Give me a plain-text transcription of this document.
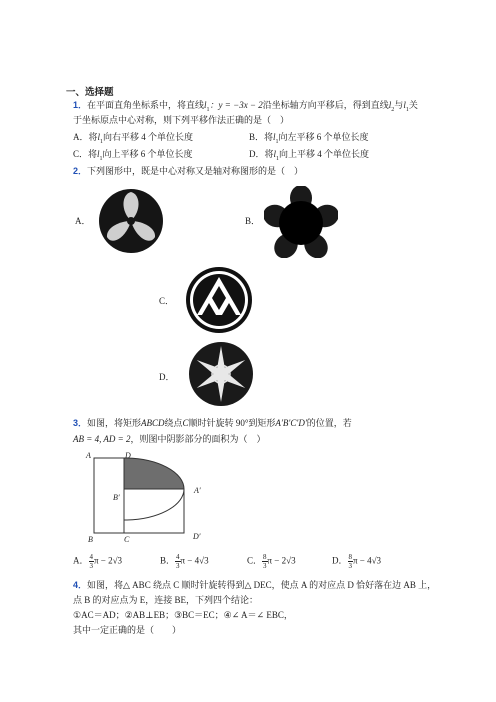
一、选择题
1．在平面直角坐标系中，将直线$l_1$：y = −3x − 2沿坐标轴方向平移后，得到直线$l_2$与$l_1$关
于坐标原点中心对称，则下列平移作法正确的是（　）
A．将$l_1$向右平移 4 个单位长度	B．将$l_1$向左平移 6 个单位长度
C．将$l_1$向上平移 6 个单位长度	D．将$l_1$向上平移 4 个单位长度
2．下列图形中，既是中心对称又是轴对称图形的是（　）
A．	B．
C．
D．
3．如图，将矩形ABCD绕点C顺时针旋转 90°到矩形A′B′C′D′的位置，若
AB = 4, AD = 2，则图中阴影部分的面积为（　）
A	D
B′
A′
B	C	D′
A． $\frac{4}{3}$ π − 2√3	B． $\frac{4}{3}$ π − 4√3	C． $\frac{8}{3}$ π − 2√3	D． $\frac{8}{3}$ π − 4√3
4．如图，将△ ABC 绕点 C 顺时针旋转得到△ DEC，使点 A 的对应点 D 恰好落在边 AB 上，
点 B 的对应点为 E，连接 BE，下列四个结论：
①AC＝AD；②AB⊥EB；③BC＝EC；④∠ A＝∠ EBC，
其中一定正确的是（　　）
